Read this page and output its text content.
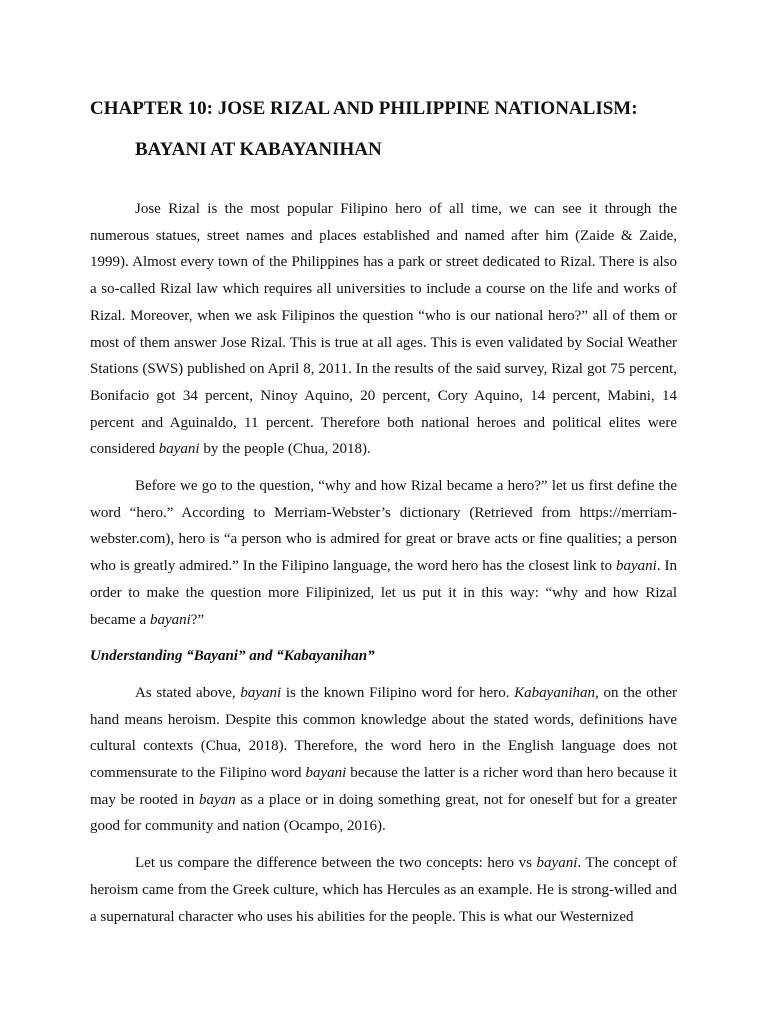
CHAPTER 10: JOSE RIZAL AND PHILIPPINE NATIONALISM:
BAYANI AT KABAYANIHAN

Jose Rizal is the most popular Filipino hero of all time, we can see it through the numerous statues, street names and places established and named after him (Zaide & Zaide, 1999). Almost every town of the Philippines has a park or street dedicated to Rizal. There is also a so-called Rizal law which requires all universities to include a course on the life and works of Rizal. Moreover, when we ask Filipinos the question “who is our national hero?” all of them or most of them answer Jose Rizal. This is true at all ages. This is even validated by Social Weather Stations (SWS) published on April 8, 2011. In the results of the said survey, Rizal got 75 percent, Bonifacio got 34 percent, Ninoy Aquino, 20 percent, Cory Aquino, 14 percent, Mabini, 14 percent and Aguinaldo, 11 percent. Therefore both national heroes and political elites were considered bayani by the people (Chua, 2018).

Before we go to the question, “why and how Rizal became a hero?” let us first define the word “hero.” According to Merriam-Webster’s dictionary (Retrieved from https://merriam-webster.com), hero is “a person who is admired for great or brave acts or fine qualities; a person who is greatly admired.” In the Filipino language, the word hero has the closest link to bayani. In order to make the question more Filipinized, let us put it in this way: “why and how Rizal became a bayani?”

Understanding “Bayani” and “Kabayanihan”

As stated above, bayani is the known Filipino word for hero. Kabayanihan, on the other hand means heroism. Despite this common knowledge about the stated words, definitions have cultural contexts (Chua, 2018). Therefore, the word hero in the English language does not commensurate to the Filipino word bayani because the latter is a richer word than hero because it may be rooted in bayan as a place or in doing something great, not for oneself but for a greater good for community and nation (Ocampo, 2016).

Let us compare the difference between the two concepts: hero vs bayani. The concept of heroism came from the Greek culture, which has Hercules as an example. He is strong-willed and a supernatural character who uses his abilities for the people. This is what our Westernized
